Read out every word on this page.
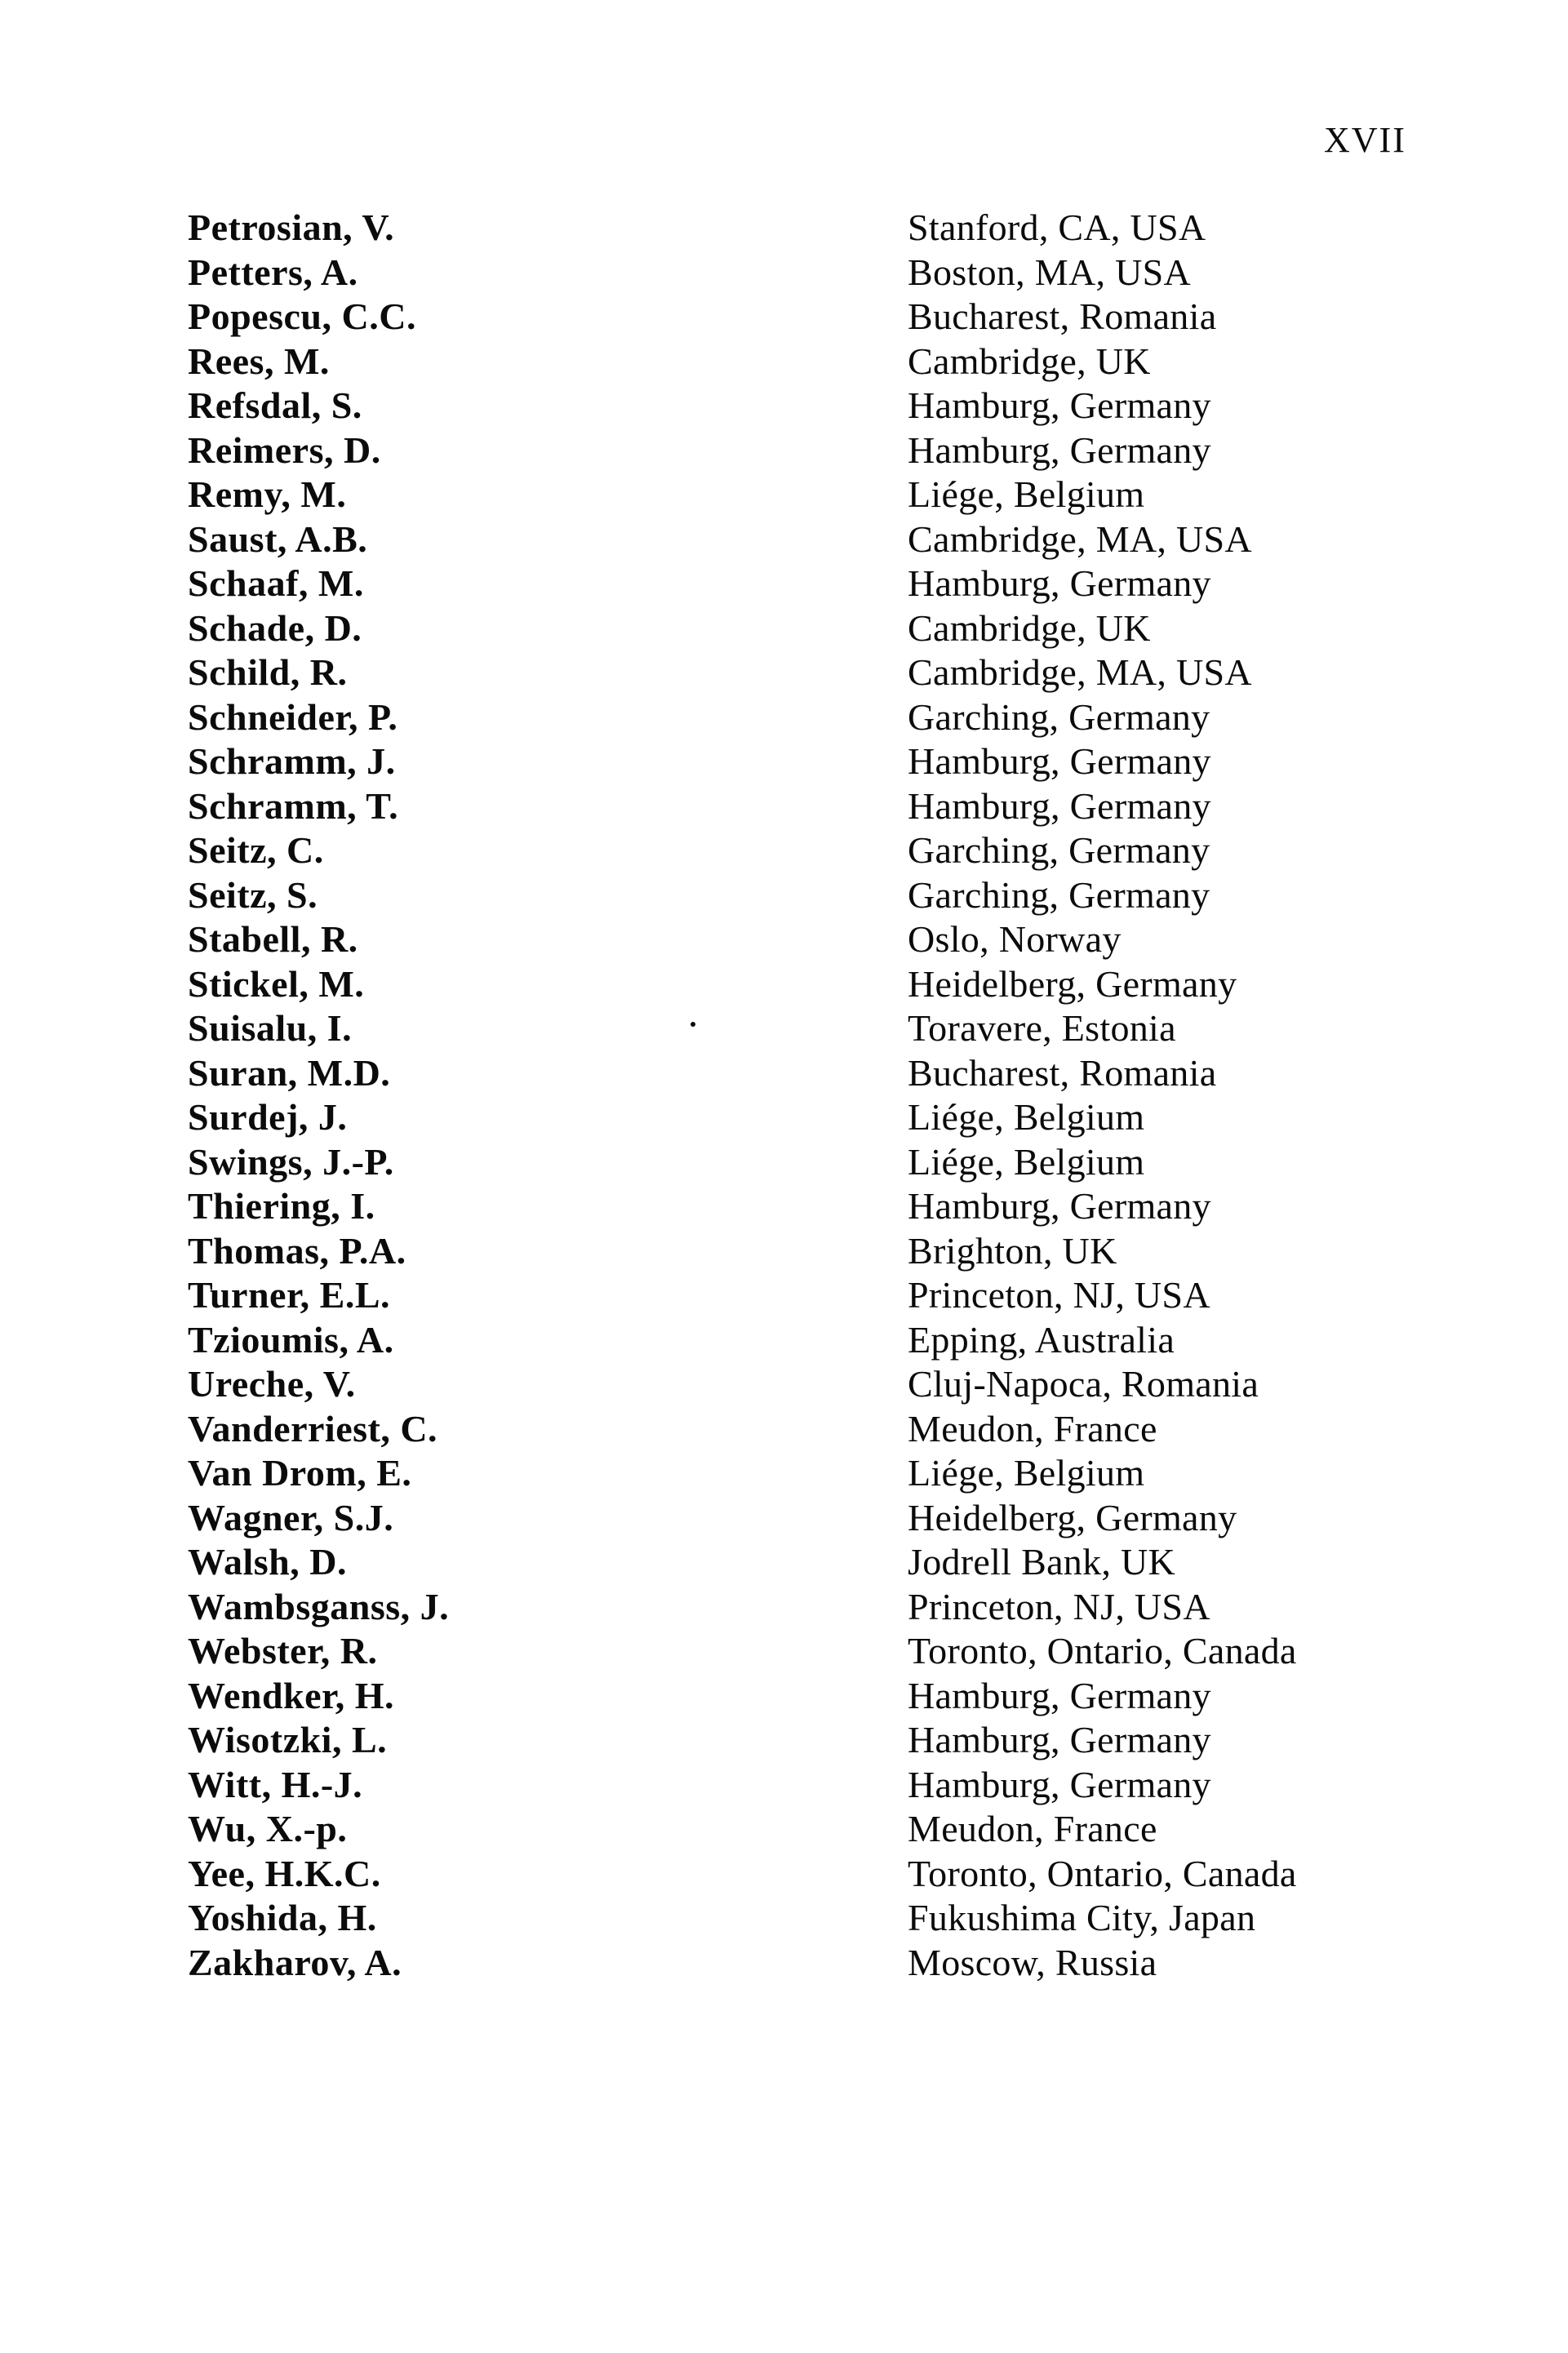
XVII
Petrosian, V.	Stanford, CA, USA
Petters, A.	Boston, MA, USA
Popescu, C.C.	Bucharest, Romania
Rees, M.	Cambridge, UK
Refsdal, S.	Hamburg, Germany
Reimers, D.	Hamburg, Germany
Remy, M.	Liége, Belgium
Saust, A.B.	Cambridge, MA, USA
Schaaf, M.	Hamburg, Germany
Schade, D.	Cambridge, UK
Schild, R.	Cambridge, MA, USA
Schneider, P.	Garching, Germany
Schramm, J.	Hamburg, Germany
Schramm, T.	Hamburg, Germany
Seitz, C.	Garching, Germany
Seitz, S.	Garching, Germany
Stabell, R.	Oslo, Norway
Stickel, M.	Heidelberg, Germany
Suisalu, I.	Toravere, Estonia
Suran, M.D.	Bucharest, Romania
Surdej, J.	Liége, Belgium
Swings, J.-P.	Liége, Belgium
Thiering, I.	Hamburg, Germany
Thomas, P.A.	Brighton, UK
Turner, E.L.	Princeton, NJ, USA
Tzioumis, A.	Epping, Australia
Ureche, V.	Cluj-Napoca, Romania
Vanderriest, C.	Meudon, France
Van Drom, E.	Liége, Belgium
Wagner, S.J.	Heidelberg, Germany
Walsh, D.	Jodrell Bank, UK
Wambsganss, J.	Princeton, NJ, USA
Webster, R.	Toronto, Ontario, Canada
Wendker, H.	Hamburg, Germany
Wisotzki, L.	Hamburg, Germany
Witt, H.-J.	Hamburg, Germany
Wu, X.-p.	Meudon, France
Yee, H.K.C.	Toronto, Ontario, Canada
Yoshida, H.	Fukushima City, Japan
Zakharov, A.	Moscow, Russia
